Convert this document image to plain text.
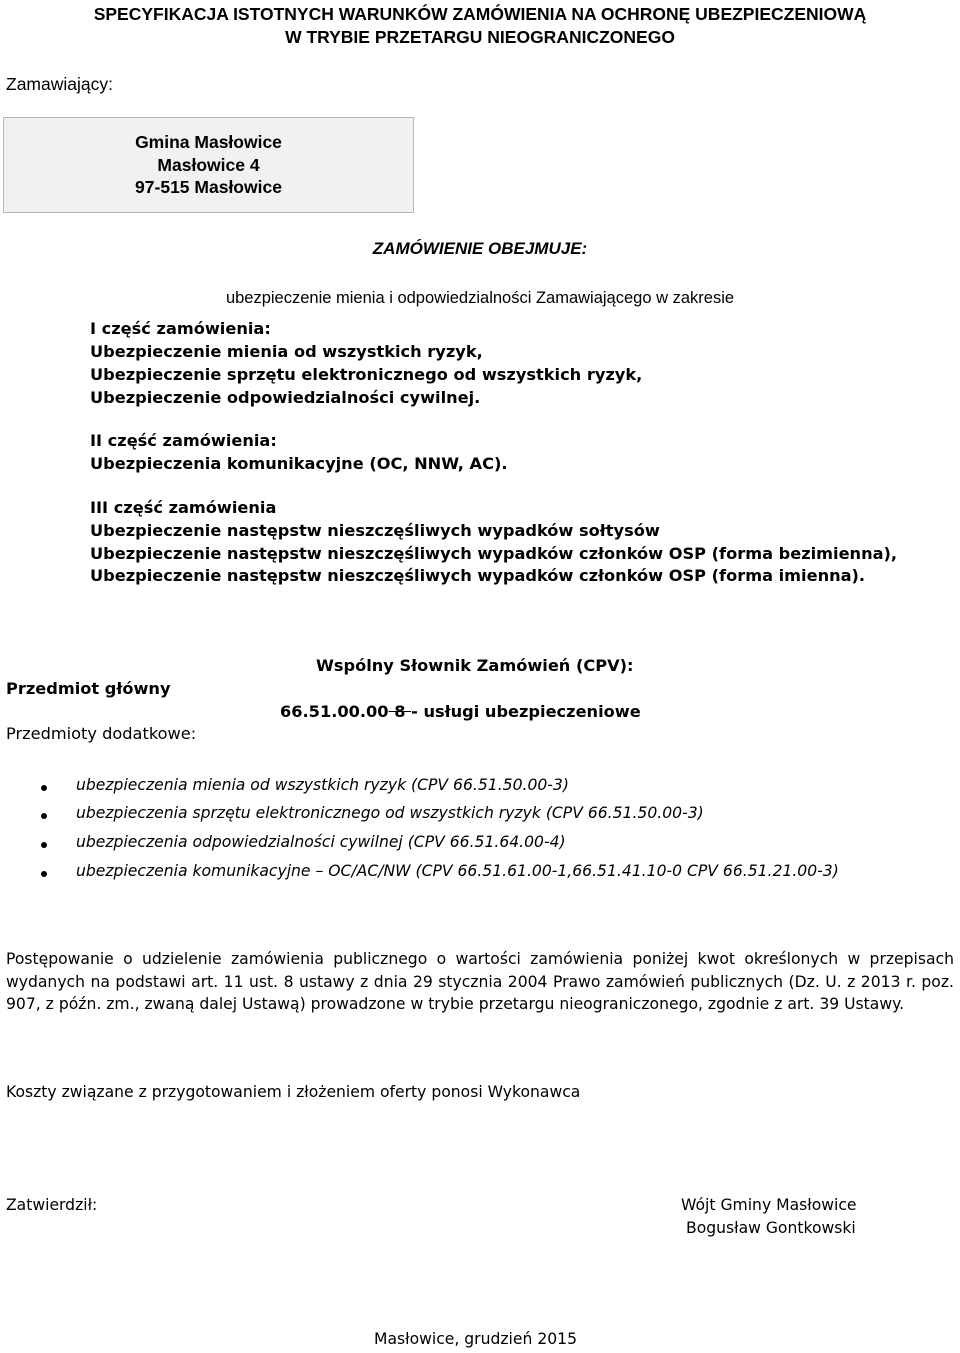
SPECYFIKACJA ISTOTNYCH WARUNKÓW ZAMÓWIENIA NA OCHRONĘ UBEZPIECZENIOWĄ
W TRYBIE PRZETARGU NIEOGRANICZONEGO
Zamawiający:
Gmina Masłowice
Masłowice 4
97-515 Masłowice
ZAMÓWIENIE OBEJMUJE:
ubezpieczenie mienia i odpowiedzialności Zamawiającego w zakresie
I część zamówienia:
Ubezpieczenie mienia od wszystkich ryzyk,
Ubezpieczenie sprzętu elektronicznego od wszystkich ryzyk,
Ubezpieczenie odpowiedzialności cywilnej.
II część zamówienia:
Ubezpieczenia komunikacyjne (OC, NNW, AC).
III część zamówienia
Ubezpieczenie następstw nieszczęśliwych wypadków sołtysów
Ubezpieczenie następstw nieszczęśliwych wypadków członków OSP (forma bezimienna),
Ubezpieczenie następstw nieszczęśliwych wypadków członków OSP (forma imienna).
Wspólny Słownik Zamówień (CPV):
Przedmiot główny
66.51.00.00 8 - usługi ubezpieczeniowe
Przedmioty dodatkowe:
ubezpieczenia mienia od wszystkich ryzyk (CPV 66.51.50.00-3)
ubezpieczenia sprzętu elektronicznego od wszystkich ryzyk (CPV 66.51.50.00-3)
ubezpieczenia odpowiedzialności cywilnej (CPV 66.51.64.00-4)
ubezpieczenia komunikacyjne – OC/AC/NW (CPV 66.51.61.00-1,66.51.41.10-0 CPV 66.51.21.00-3)
Postępowanie o udzielenie zamówienia publicznego o wartości zamówienia poniżej kwot określonych w przepisach wydanych na podstawi art. 11 ust. 8 ustawy z dnia 29 stycznia 2004 Prawo zamówień publicznych (Dz. U. z 2013 r. poz. 907, z późn. zm., zwaną dalej Ustawą) prowadzone w trybie przetargu nieograniczonego, zgodnie z art. 39 Ustawy.
Koszty związane z przygotowaniem i złożeniem oferty ponosi Wykonawca
Zatwierdził:	Wójt Gminy Masłowice
Bogusław Gontkowski
Masłowice, grudzień 2015
